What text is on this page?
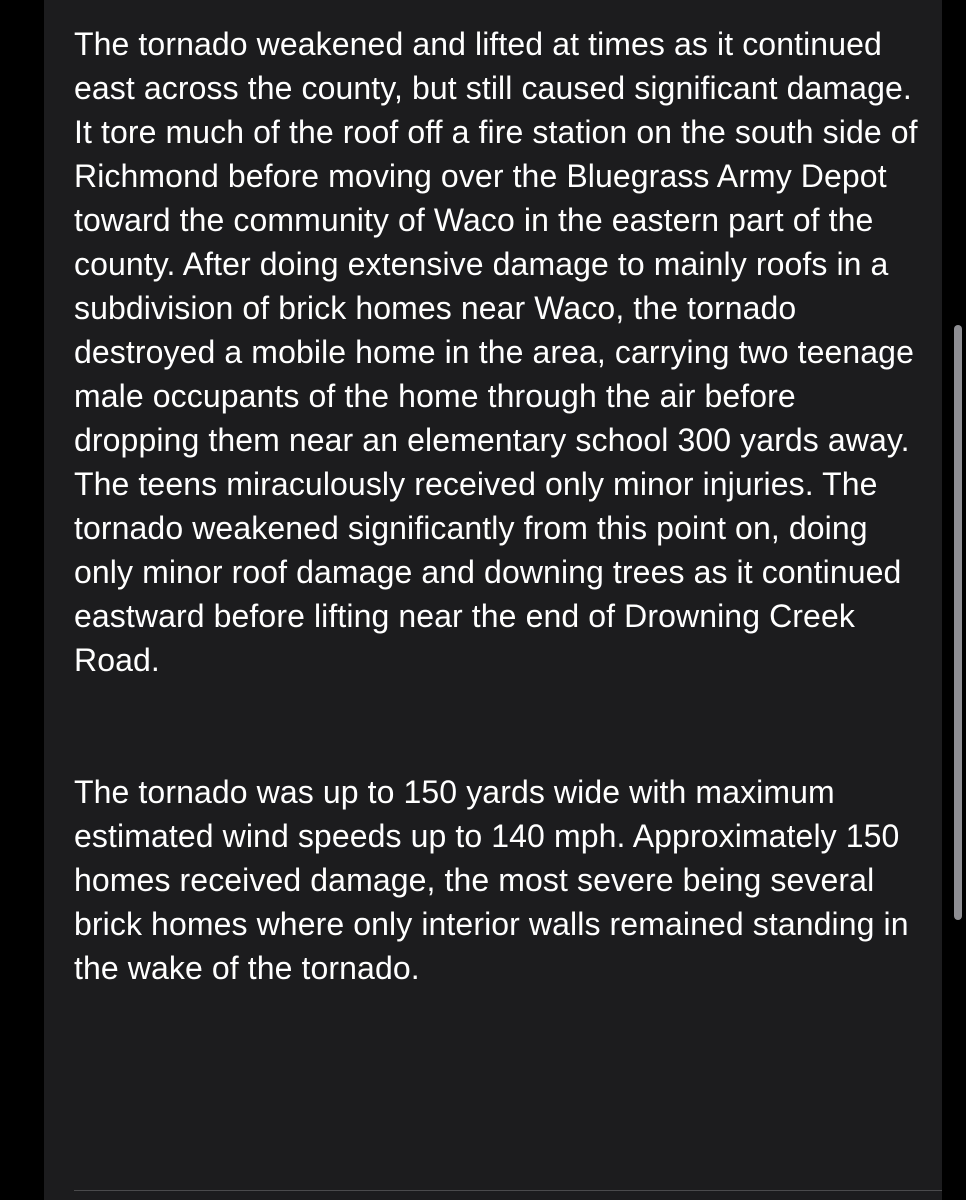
The tornado weakened and lifted at times as it continued east across the county, but still caused significant damage. It tore much of the roof off a fire station on the south side of Richmond before moving over the Bluegrass Army Depot toward the community of Waco in the eastern part of the county. After doing extensive damage to mainly roofs in a subdivision of brick homes near Waco, the tornado destroyed a mobile home in the area, carrying two teenage male occupants of the home through the air before dropping them near an elementary school 300 yards away. The teens miraculously received only minor injuries. The tornado weakened significantly from this point on, doing only minor roof damage and downing trees as it continued eastward before lifting near the end of Drowning Creek Road.

The tornado was up to 150 yards wide with maximum estimated wind speeds up to 140 mph. Approximately 150 homes received damage, the most severe being several brick homes where only interior walls remained standing in the wake of the tornado.
